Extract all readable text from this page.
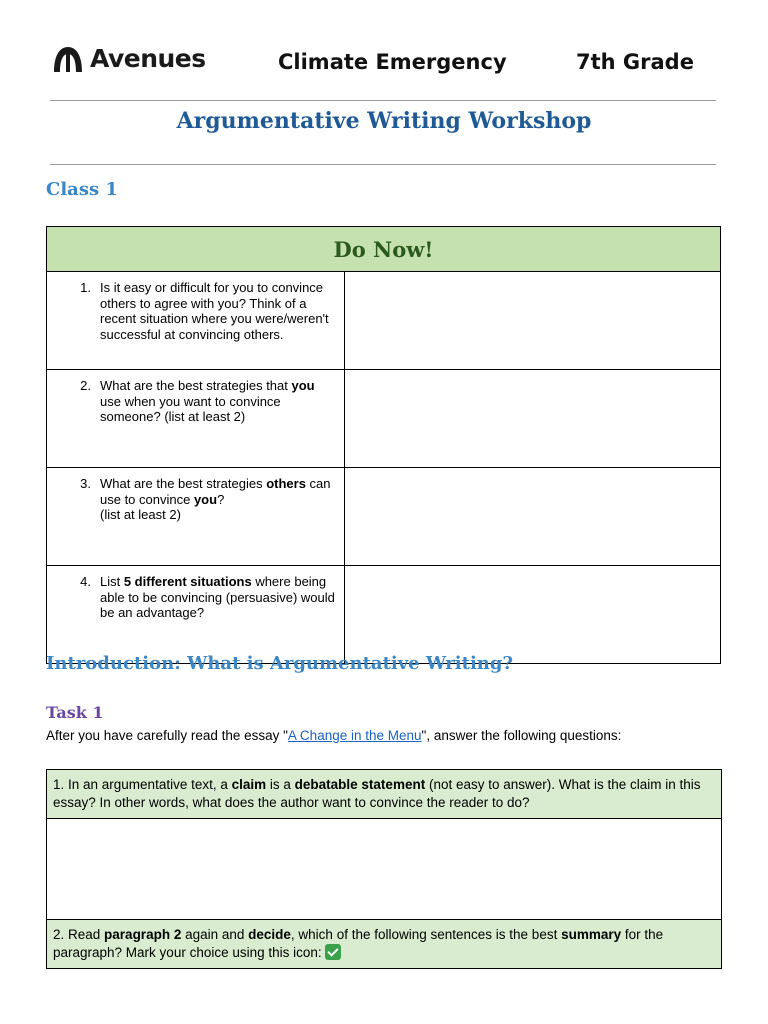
Avenues	Climate Emergency	7th Grade
Argumentative Writing Workshop
Class 1
Do Now!	

1. Is it easy or difficult for you to convince others to agree with you? Think of a recent situation where you were/weren't successful at convincing others.	

2. What are the best strategies that you use when you want to convince someone? (list at least 2)	

3. What are the best strategies others can use to convince you?
(list at least 2)	

4. List 5 different situations where being able to be convincing (persuasive) would be an advantage?	

Introduction: What is Argumentative Writing?
Task 1
After you have carefully read the essay "A Change in the Menu", answer the following questions:
1. In an argumentative text, a claim is a debatable statement (not easy to answer). What is the claim in this essay? In other words, what does the author want to convince the reader to do?

2. Read paragraph 2 again and decide, which of the following sentences is the best summary for the paragraph? Mark your choice using this icon:
